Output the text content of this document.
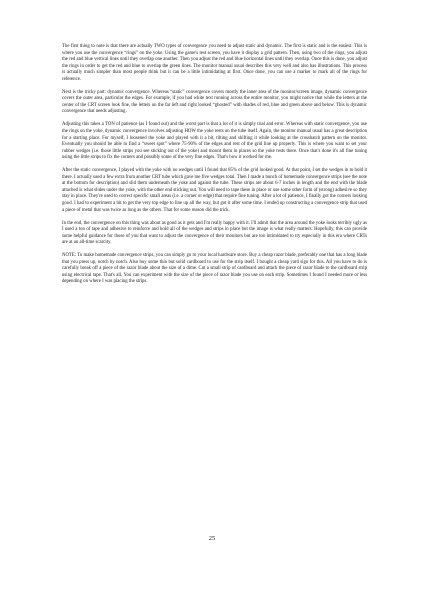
The first thing to note is that there are actually TWO types of convergence you need to adjust static and dynamic. The first is static and is the easiest. This is where you use the convergence “rings” on the yoke. Using the game's test screen, you have it display a grid pattern. Then, using two of the rings, you adjust the red and blue vertical lines until they overlap one another. Then you adjust the red and blue horizontal lines until they overlap. Once this is done, you adjust the rings in order to get the red and blue to overlap the green lines. The monitor manual usual describes this very well and also has illustrations. This process is actually much simpler than most people think but it can be a little intimidating at first. Once done, you can use a marker to mark all of the rings for reference.

Next is the tricky part: dynamic convergence. Whereas “static” convergence covers mostly the inner area of the monitor/screen image, dynamic convergence covers the outer area, particular the edges. For example, if you had white text running across the entire monitor, you might notice that while the letters at the center of the CRT screen look fine, the letters on the far left and right looked “ghosted” with shades of red, blue and green above and below. This is dynamic convergence that needs adjusting.

Adjusting this takes a TON of patience (as I found out) and the worst part is that a lot of it is simply trial and error. Whereas with static convergence, you use the rings on the yoke, dynamic convergence involves adjusting HOW the yoke rests on the tube itself. Again, the monitor manual usual has a great description for a starting place. For myself, I loosened the yoke and played with it a bit, tilting and shifting it while looking at the crosshatch pattern on the monitor. Eventually you should be able to find a “sweet spot” where 75-90% of the edges and rest of the grid line up properly. This is where you want to set your rubber wedges (i.e. those little strips you see sticking out of the yoke) and mount them in places so the yoke rests there. Once that's done it's all fine tuning using the little strips to fix the corners and possibly some of the very fine edges. That's how it worked for me.

After the static convergence, I played with the yoke with no wedges until I found that 85% of the grid looked good. At that point, I set the wedges in to hold it there. I actually used a few extra from another CRT tube which gave me five wedges total. Then I made a bunch of homemade convergence strips (see the note at the bottom for description) and slid them underneath the yoke and against the tube. These strips are about 6-7 inches in length and the end with the blade attached is what slides under the yoke, with the other end sticking out. You will need to tape these in place or use some other form of (strong) adhesive so they stay in place. They're used to correct specific small areas (i.e. a corner or edge) that require fine tuning. After a lot of patience, I finally got the corners looking good. I had to experiment a bit to get the very top edge to line up all the way, but got it after some time. I ended up constructing a convergence strip that used a piece of metal that was twice as long as the others. That for some reason did the trick.

In the end, the convergence on this thing was about as good as it gets and I'm really happy with it. I'll admit that the area around the yoke looks terribly ugly as I used a ton of tape and adhesive to reinforce and hold all of the wedges and strips in place but the image is what really matters. Hopefully, this can provide some helpful guidance for those of you that want to adjust the convergence of their monitors but are too intimidated to try especially in this era where CRTs are at an all-time scarcity.

NOTE: To make homemade convergence strips, you can simply go to your local hardware store. Buy a cheap razor blade, preferably one that has a long blade that you press up, notch by notch. Also buy some thin but solid cardboard to use for the strip itself. I bought a cheap yard sign for this. All you have to do is carefully break off a piece of the razor blade about the size of a dime. Cut a small strip of cardboard and attach the piece of razor blade to the cardboard strip using electrical tape. That's all. You can experiment with the size of the piece of razor blade you use on each strip. Sometimes I found I needed more or less depending on where I was placing the strips.

25
